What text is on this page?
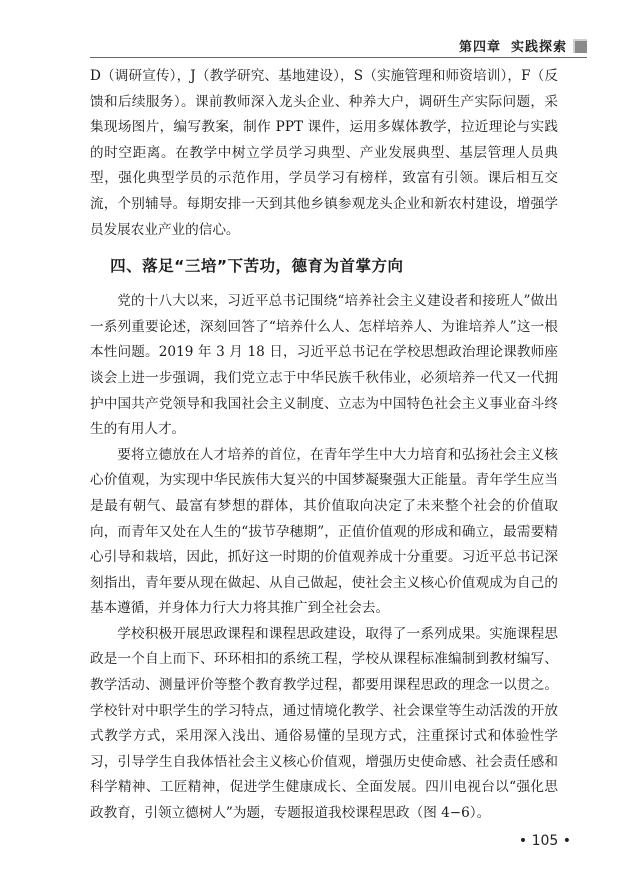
第四章 实践探索

D（调研宣传），J（教学研究、基地建设），S（实施管理和师资培训），F（反馈和后续服务）。课前教师深入龙头企业、种养大户，调研生产实际问题，采集现场图片，编写教案，制作 PPT 课件，运用多媒体教学，拉近理论与实践的时空距离。在教学中树立学员学习典型、产业发展典型、基层管理人员典型，强化典型学员的示范作用，学员学习有榜样，致富有引领。课后相互交流，个别辅导。每期安排一天到其他乡镇参观龙头企业和新农村建设，增强学员发展农业产业的信心。

四、落足“三培”下苦功，德育为首掌方向

党的十八大以来，习近平总书记围绕“培养社会主义建设者和接班人”做出一系列重要论述，深刻回答了“培养什么人、怎样培养人、为谁培养人”这一根本性问题。2019 年 3 月 18 日，习近平总书记在学校思想政治理论课教师座谈会上进一步强调，我们党立志于中华民族千秋伟业，必须培养一代又一代拥护中国共产党领导和我国社会主义制度、立志为中国特色社会主义事业奋斗终生的有用人才。

要将立德放在人才培养的首位，在青年学生中大力培育和弘扬社会主义核心价值观，为实现中华民族伟大复兴的中国梦凝聚强大正能量。青年学生应当是最有朝气、最富有梦想的群体，其价值取向决定了未来整个社会的价值取向，而青年又处在人生的“拔节孕穗期”，正值价值观的形成和确立，最需要精心引导和栽培，因此，抓好这一时期的价值观养成十分重要。习近平总书记深刻指出，青年要从现在做起、从自己做起，使社会主义核心价值观成为自己的基本遵循，并身体力行大力将其推广到全社会去。

学校积极开展思政课程和课程思政建设，取得了一系列成果。实施课程思政是一个自上而下、环环相扣的系统工程，学校从课程标准编制到教材编写、教学活动、测量评价等整个教育教学过程，都要用课程思政的理念一以贯之。学校针对中职学生的学习特点，通过情境化教学、社会课堂等生动活泼的开放式教学方式，采用深入浅出、通俗易懂的呈现方式，注重探讨式和体验性学习，引导学生自我体悟社会主义核心价值观，增强历史使命感、社会责任感和科学精神、工匠精神，促进学生健康成长、全面发展。四川电视台以“强化思政教育，引领立德树人”为题，专题报道我校课程思政（图 4−6）。

• 105 •
